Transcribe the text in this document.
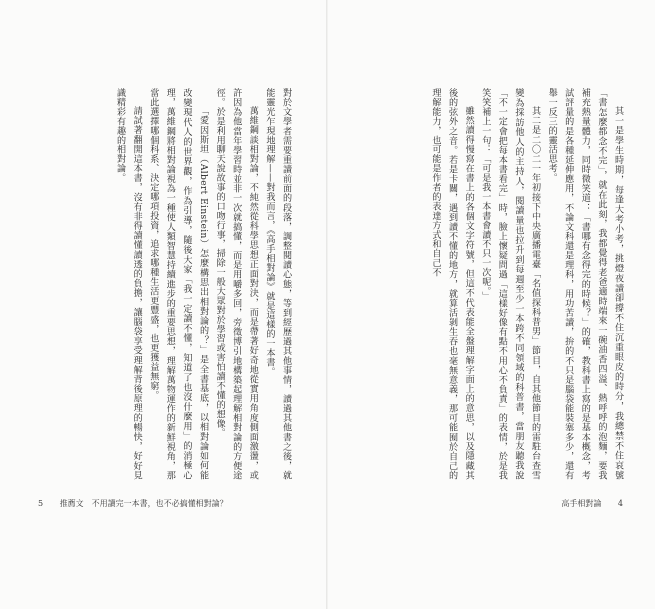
對於文學者需要重讀前面的段落，調整閱讀心態，等到經歷過其他事情，讀過其他書之後，就能靈光乍現地理解——對我而言，《高手相對論》就是這樣的一本書。

萬維鋼談相對論，不純然從科學思想正面對決，而是帶著好奇地從實用角度側面激盪，或許因為他當年學習時並非一次就搞懂，而是用嚼多回，旁徵博引地構築起理解相對論的方便途徑。於是利用聊天說故事的口吻行事，掃除一般大眾對於學習或害怕讀不懂的想像。

「愛因斯坦（Albert Einstein）怎麼構思出相對論的？」是全書基底，以相對論如何能改變現代人的世界觀，作為引導，隨後大家「我一定讀不懂，知道了也沒什麼用」的消極心理，萬維鋼將相對論視為一種使人類智慧持續進步的重要思想，理解萬物運作的新鮮視角，那當此選擇哪個科系、決定哪項投資，追求哪種生活更豐盛，也更獲益無窮。

請試著翻開這本書，沒有非得讀懂讀透的負擔，讓腦袋享受理解背後原理的暢快，好好見識精彩有趣的相對論。

5 推薦文　不用讀完一本書，也不必搞懂相對論？

其一是學生時期，每逢大考小考，挑燈夜讀卻撐不住沉重眼皮的時分，我總禁不住哀號「書怎麼都念不完」，就在此刻，我都覺得老爸適時端來一碗油香四溢、熱呼呼的泡麵，要我補充熱量體力，同時微笑道：「書哪有念得完的時候？」的確，教科書上寫的是基本概念，考試評量的是各種延伸應用，不論文科還是理科，用功苦讀，拚的不只是腦袋能裝塞多少，還有舉一反三的靈活思考。

其二是二〇二一年初接下中央廣播電臺「名值探科普男」節目，自其他節目的雷駐台查雪變為採訪他人的主持人，閱讀量也拉升到每週至少一本跨不同領域的科普書，當朋友聽我說「不一定會把每本書看完」時，臉上懷疑問過「這樣好像有點不用心不負責」的表情，於是我笑笑補上一句：「可是我一本書會讀不只一次呢。」

雖然讀得慢寫在書上的各個文字符號，但這不代表能全盤理解字面上的意思，以及隱藏其後的弦外之音。若是卡關，遇到讀不懂的地方，就算活剝生吞也毫無意義，那可能囿於自己的理解能力，也可能是作者的表達方式和自己不

高手相對論 4
